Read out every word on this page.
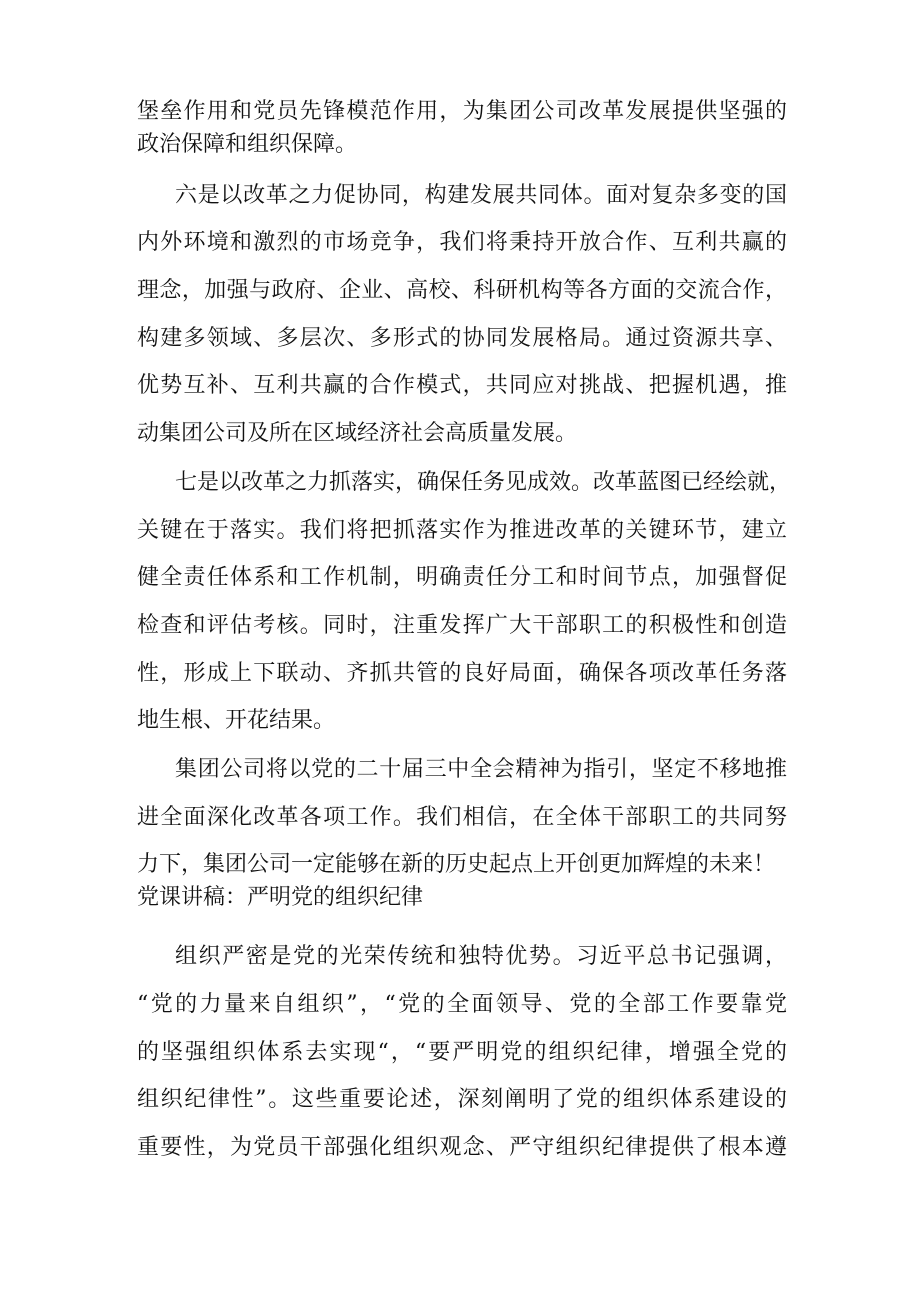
堡垒作用和党员先锋模范作用，为集团公司改革发展提供坚强的
政治保障和组织保障。
六是以改革之力促协同，构建发展共同体。面对复杂多变的国
内外环境和激烈的市场竞争，我们将秉持开放合作、互利共赢的
理念，加强与政府、企业、高校、科研机构等各方面的交流合作，
构建多领域、多层次、多形式的协同发展格局。通过资源共享、
优势互补、互利共赢的合作模式，共同应对挑战、把握机遇，推
动集团公司及所在区域经济社会高质量发展。
七是以改革之力抓落实，确保任务见成效。改革蓝图已经绘就，
关键在于落实。我们将把抓落实作为推进改革的关键环节，建立
健全责任体系和工作机制，明确责任分工和时间节点，加强督促
检查和评估考核。同时，注重发挥广大干部职工的积极性和创造
性，形成上下联动、齐抓共管的良好局面，确保各项改革任务落
地生根、开花结果。
集团公司将以党的二十届三中全会精神为指引，坚定不移地推
进全面深化改革各项工作。我们相信，在全体干部职工的共同努
力下，集团公司一定能够在新的历史起点上开创更加辉煌的未来！
党课讲稿：严明党的组织纪律
组织严密是党的光荣传统和独特优势。习近平总书记强调，
“党的力量来自组织”，“党的全面领导、党的全部工作要靠党
的坚强组织体系去实现“，“要严明党的组织纪律，增强全党的
组织纪律性”。这些重要论述，深刻阐明了党的组织体系建设的
重要性，为党员干部强化组织观念、严守组织纪律提供了根本遵
